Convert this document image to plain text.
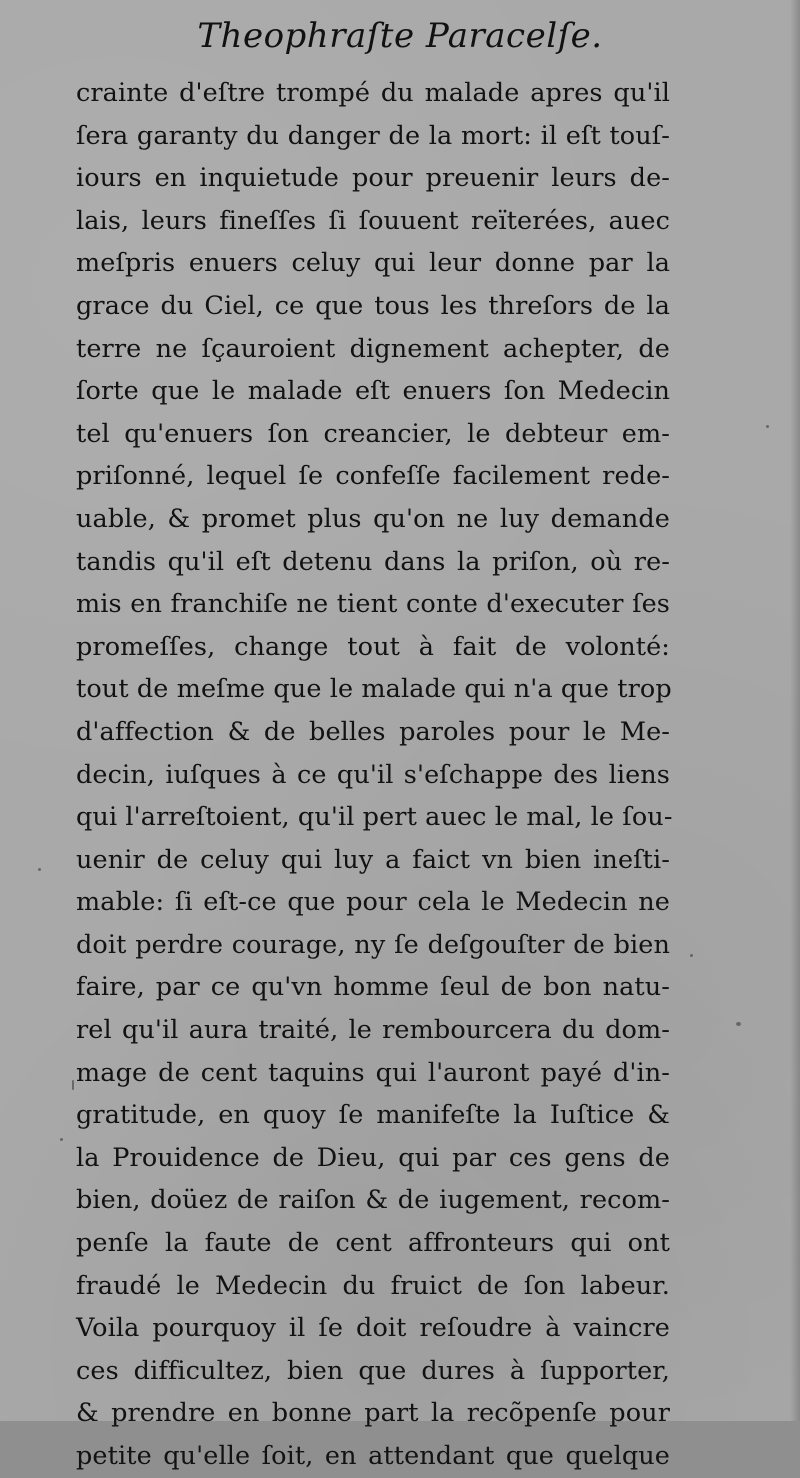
Theophraſte Paracelſe.
crainte d'eſtre trompé du malade apres qu'il
ſera garanty du danger de la mort: il eſt touſ-
iours en inquietude pour preuenir leurs de-
lais, leurs fineſſes ſi ſouuent reïterées, auec
meſpris enuers celuy qui leur donne par la
grace du Ciel, ce que tous les threſors de la
terre ne ſçauroient dignement achepter, de
ſorte que le malade eſt enuers ſon Medecin
tel qu'enuers ſon creancier, le debteur em-
priſonné, lequel ſe confeſſe facilement rede-
uable, & promet plus qu'on ne luy demande
tandis qu'il eſt detenu dans la priſon, où re-
mis en franchiſe ne tient conte d'executer ſes
promeſſes, change tout à fait de volonté:
tout de meſme que le malade qui n'a que trop
d'affection & de belles paroles pour le Me-
decin, iuſques à ce qu'il s'eſchappe des liens
qui l'arreſtoient, qu'il pert auec le mal, le ſou-
uenir de celuy qui luy a faict vn bien ineſti-
mable: ſi eſt-ce que pour cela le Medecin ne
doit perdre courage, ny ſe deſgouſter de bien
faire, par ce qu'vn homme ſeul de bon natu-
rel qu'il aura traité, le rembourcera du dom-
mage de cent taquins qui l'auront payé d'in-
gratitude, en quoy ſe manifeſte la Iuſtice &
la Prouidence de Dieu, qui par ces gens de
bien, doüez de raiſon & de iugement, recom-
penſe la faute de cent affronteurs qui ont
fraudé le Medecin du fruict de ſon labeur.
Voila pourquoy il ſe doit reſoudre à vaincre
ces difficultez, bien que dures à ſupporter,
& prendre en bonne part la recõpenſe pour
petite qu'elle ſoit, en attendant que quelque
